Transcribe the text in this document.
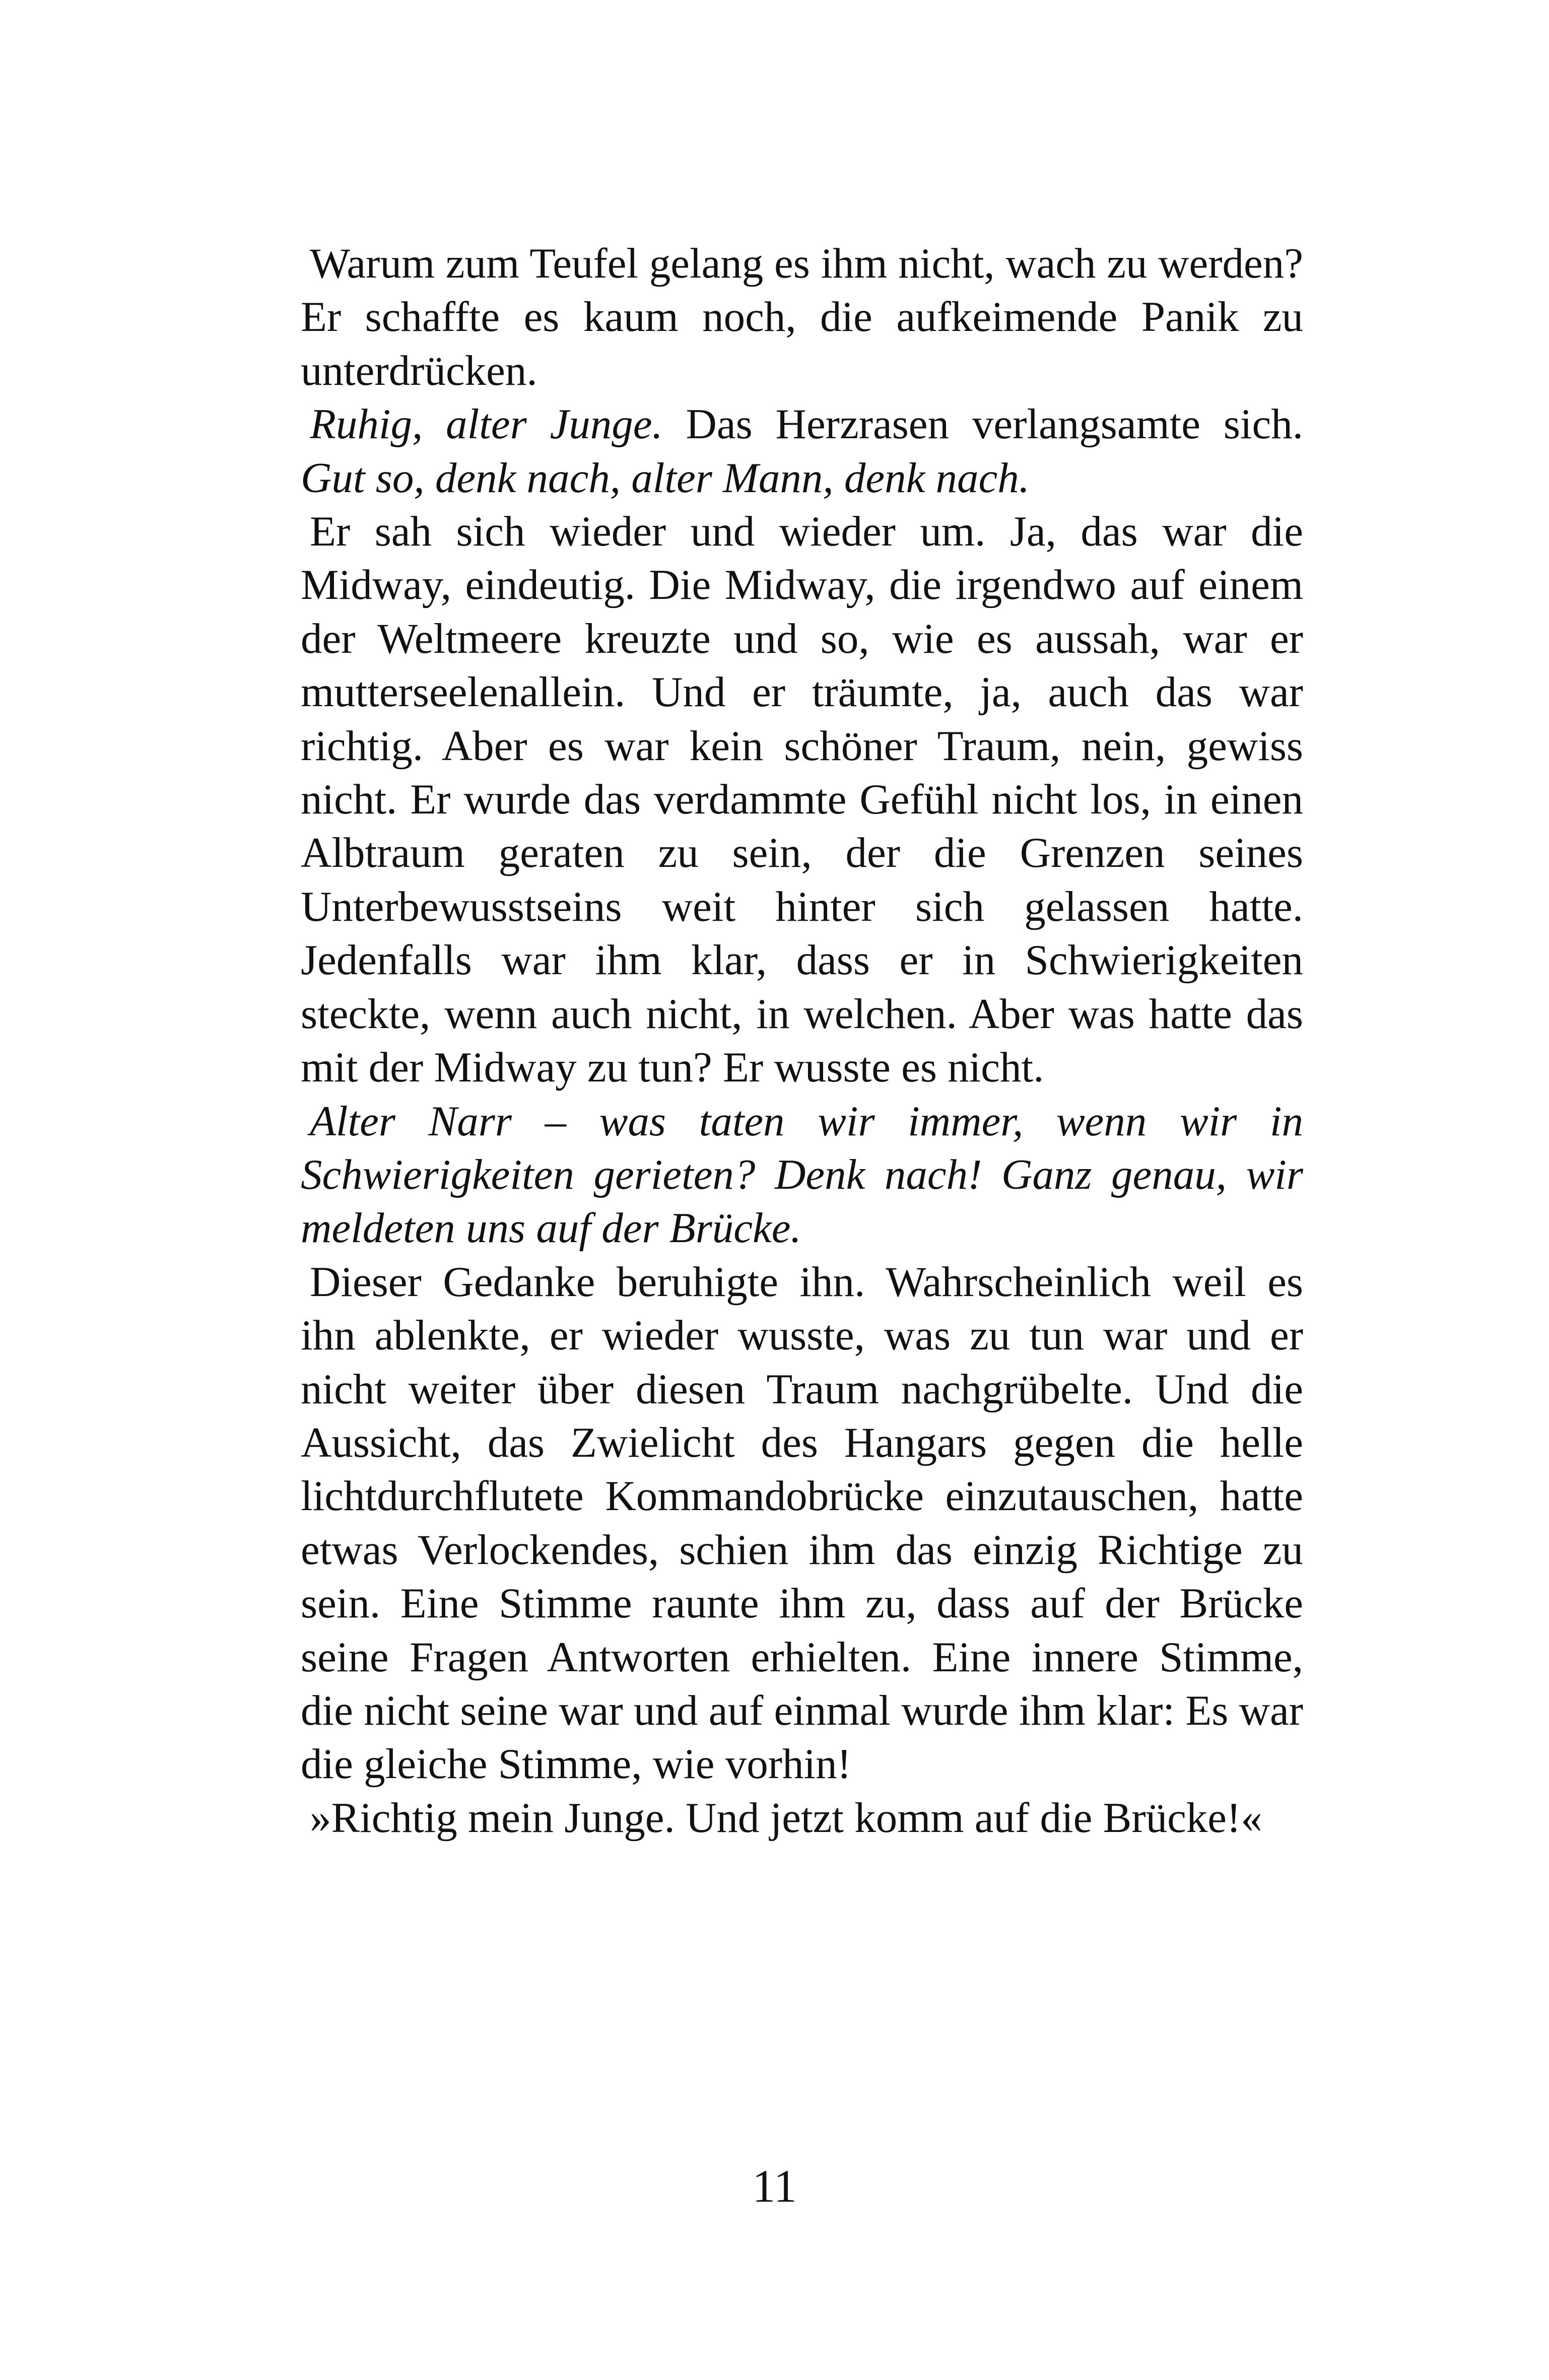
Warum zum Teufel gelang es ihm nicht, wach zu werden? Er schaffte es kaum noch, die aufkeimende Panik zu unterdrücken.

Ruhig, alter Junge. Das Herzrasen verlangsamte sich. Gut so, denk nach, alter Mann, denk nach.

Er sah sich wieder und wieder um. Ja, das war die Midway, eindeutig. Die Midway, die irgendwo auf einem der Weltmeere kreuzte und so, wie es aussah, war er mutterseelenallein. Und er träumte, ja, auch das war richtig. Aber es war kein schöner Traum, nein, gewiss nicht. Er wurde das verdammte Gefühl nicht los, in einen Albtraum geraten zu sein, der die Grenzen seines Unterbewusstseins weit hinter sich gelassen hatte. Jedenfalls war ihm klar, dass er in Schwierigkeiten steckte, wenn auch nicht, in welchen. Aber was hatte das mit der Midway zu tun? Er wusste es nicht.

Alter Narr – was taten wir immer, wenn wir in Schwierigkeiten gerieten? Denk nach! Ganz genau, wir meldeten uns auf der Brücke.

Dieser Gedanke beruhigte ihn. Wahrscheinlich weil es ihn ablenkte, er wieder wusste, was zu tun war und er nicht weiter über diesen Traum nachgrübelte. Und die Aussicht, das Zwielicht des Hangars gegen die helle lichtdurchflutete Kommandobrücke einzutauschen, hatte etwas Verlockendes, schien ihm das einzig Richtige zu sein. Eine Stimme raunte ihm zu, dass auf der Brücke seine Fragen Antworten erhielten. Eine innere Stimme, die nicht seine war und auf einmal wurde ihm klar: Es war die gleiche Stimme, wie vorhin!

»Richtig mein Junge. Und jetzt komm auf die Brücke!«

11
